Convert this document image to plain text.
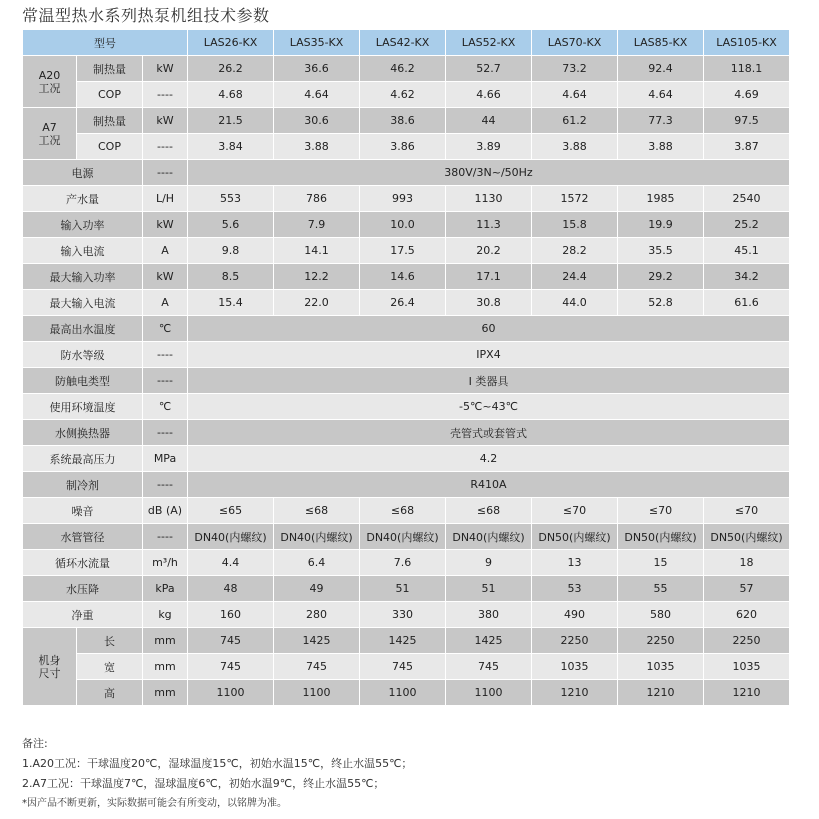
常温型热水系列热泵机组技术参数
型号			LAS26-KX	LAS35-KX	LAS42-KX	LAS52-KX	LAS70-KX	LAS85-KX	LAS105-KX
A20
工况	制热量	kW	26.2	36.6	46.2	52.7	73.2	92.4	118.1
	COP	----	4.68	4.64	4.62	4.66	4.64	4.64	4.69
A7
工况	制热量	kW	21.5	30.6	38.6	44	61.2	77.3	97.5
	COP	----	3.84	3.88	3.86	3.89	3.88	3.88	3.87
电源		----	380V/3N~/50Hz						
产水量		L/H	553	786	993	1130	1572	1985	2540
输入功率		kW	5.6	7.9	10.0	11.3	15.8	19.9	25.2
输入电流		A	9.8	14.1	17.5	20.2	28.2	35.5	45.1
最大输入功率		kW	8.5	12.2	14.6	17.1	24.4	29.2	34.2
最大输入电流		A	15.4	22.0	26.4	30.8	44.0	52.8	61.6
最高出水温度		℃	60						
防水等级		----	IPX4						
防触电类型		----	I 类器具						
使用环境温度		℃	-5℃~43℃						
水侧换热器		----	壳管式或套管式						
系统最高压力		MPa	4.2						
制冷剂		----	R410A						
噪音		dB (A)	≤65	≤68	≤68	≤68	≤70	≤70	≤70
水管管径		----	DN40(内螺纹)	DN40(内螺纹)	DN40(内螺纹)	DN40(内螺纹)	DN50(内螺纹)	DN50(内螺纹)	DN50(内螺纹)
循环水流量		m³/h	4.4	6.4	7.6	9	13	15	18
水压降		kPa	48	49	51	51	53	55	57
净重		kg	160	280	330	380	490	580	620
机身
尺寸	长	mm	745	1425	1425	1425	2250	2250	2250
	宽	mm	745	745	745	745	1035	1035	1035
	高	mm	1100	1100	1100	1100	1210	1210	1210
备注:
1.A20工况：干球温度20℃，湿球温度15℃，初始水温15℃，终止水温55℃；
2.A7工况：干球温度7℃，湿球温度6℃，初始水温9℃，终止水温55℃；
*因产品不断更新，实际数据可能会有所变动，以铭牌为准。
